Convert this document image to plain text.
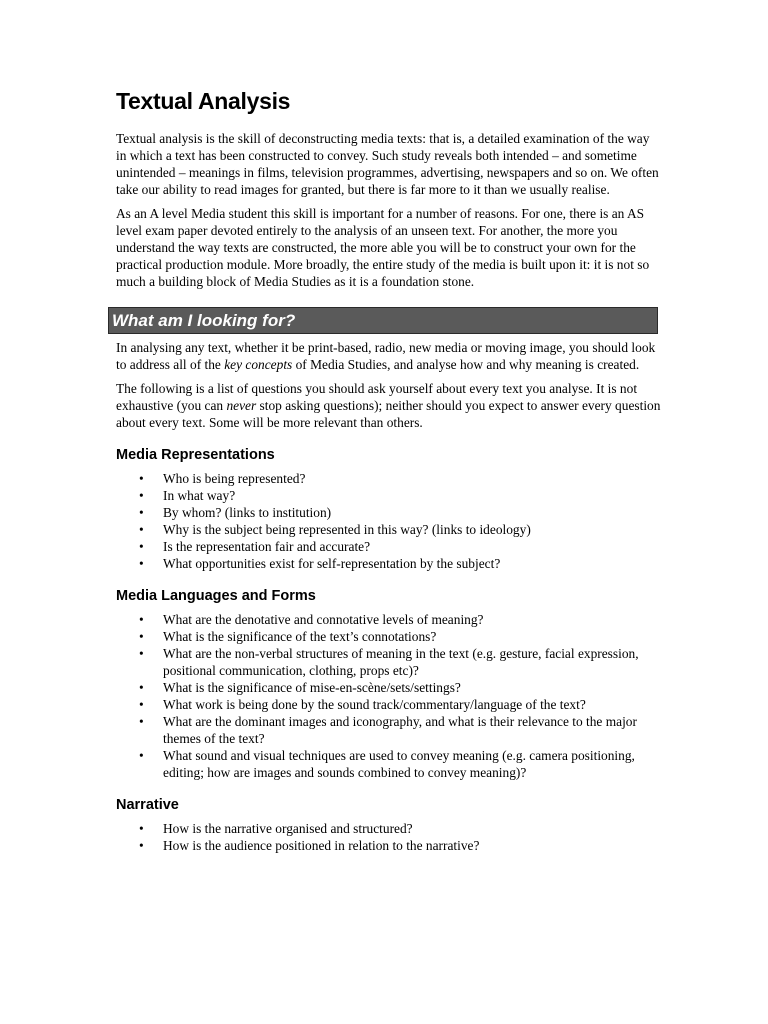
Textual Analysis

Textual analysis is the skill of deconstructing media texts: that is, a detailed examination of the way in which a text has been constructed to convey. Such study reveals both intended – and sometime unintended – meanings in films, television programmes, advertising, newspapers and so on. We often take our ability to read images for granted, but there is far more to it than we usually realise.

As an A level Media student this skill is important for a number of reasons. For one, there is an AS level exam paper devoted entirely to the analysis of an unseen text. For another, the more you understand the way texts are constructed, the more able you will be to construct your own for the practical production module. More broadly, the entire study of the media is built upon it: it is not so much a building block of Media Studies as it is a foundation stone.

What am I looking for?

In analysing any text, whether it be print-based, radio, new media or moving image, you should look to address all of the key concepts of Media Studies, and analyse how and why meaning is created.

The following is a list of questions you should ask yourself about every text you analyse. It is not exhaustive (you can never stop asking questions); neither should you expect to answer every question about every text. Some will be more relevant than others.

Media Representations
• Who is being represented?
• In what way?
• By whom? (links to institution)
• Why is the subject being represented in this way? (links to ideology)
• Is the representation fair and accurate?
• What opportunities exist for self-representation by the subject?
Media Languages and Forms
• What are the denotative and connotative levels of meaning?
• What is the significance of the text’s connotations?
• What are the non-verbal structures of meaning in the text (e.g. gesture, facial expression, positional communication, clothing, props etc)?
• What is the significance of mise-en-scène/sets/settings?
• What work is being done by the sound track/commentary/language of the text?
• What are the dominant images and iconography, and what is their relevance to the major themes of the text?
• What sound and visual techniques are used to convey meaning (e.g. camera positioning, editing; how are images and sounds combined to convey meaning)?
Narrative
• How is the narrative organised and structured?
• How is the audience positioned in relation to the narrative?
